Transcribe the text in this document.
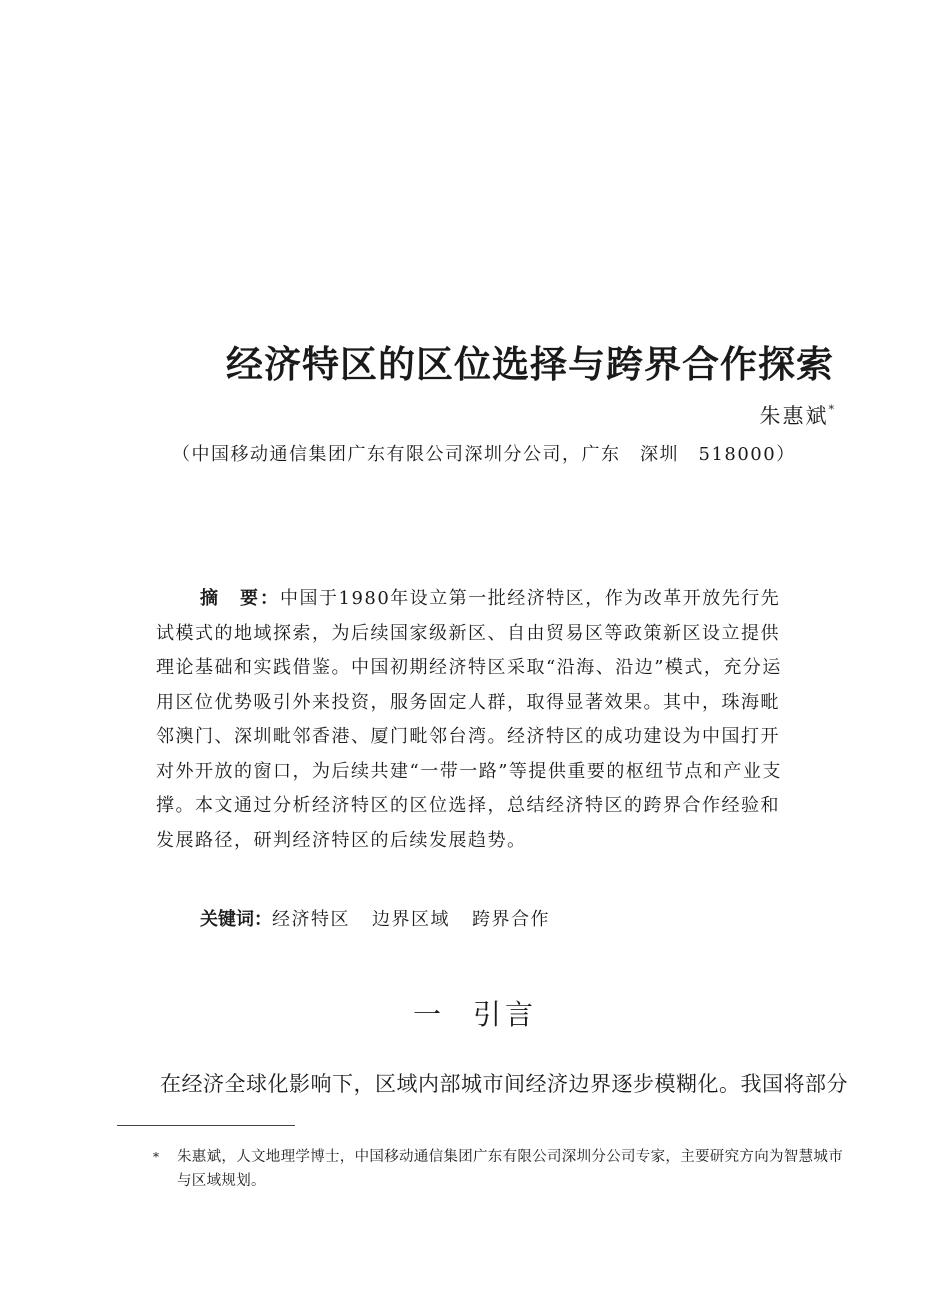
经济特区的区位选择与跨界合作探索
朱惠斌*
（中国移动通信集团广东有限公司深圳分公司，广东　深圳　518000）

摘　要：中国于1980年设立第一批经济特区，作为改革开放先行先试模式的地域探索，为后续国家级新区、自由贸易区等政策新区设立提供理论基础和实践借鉴。中国初期经济特区采取“沿海、沿边”模式，充分运用区位优势吸引外来投资，服务固定人群，取得显著效果。其中，珠海毗邻澳门、深圳毗邻香港、厦门毗邻台湾。经济特区的成功建设为中国打开对外开放的窗口，为后续共建“一带一路”等提供重要的枢纽节点和产业支撑。本文通过分析经济特区的区位选择，总结经济特区的跨界合作经验和发展路径，研判经济特区的后续发展趋势。

关键词：经济特区 边界区域 跨界合作
一 引言
在经济全球化影响下，区域内部城市间经济边界逐步模糊化。我国将部分
* 朱惠斌，人文地理学博士，中国移动通信集团广东有限公司深圳分公司专家，主要研究方向为智慧城市与区域规划。
